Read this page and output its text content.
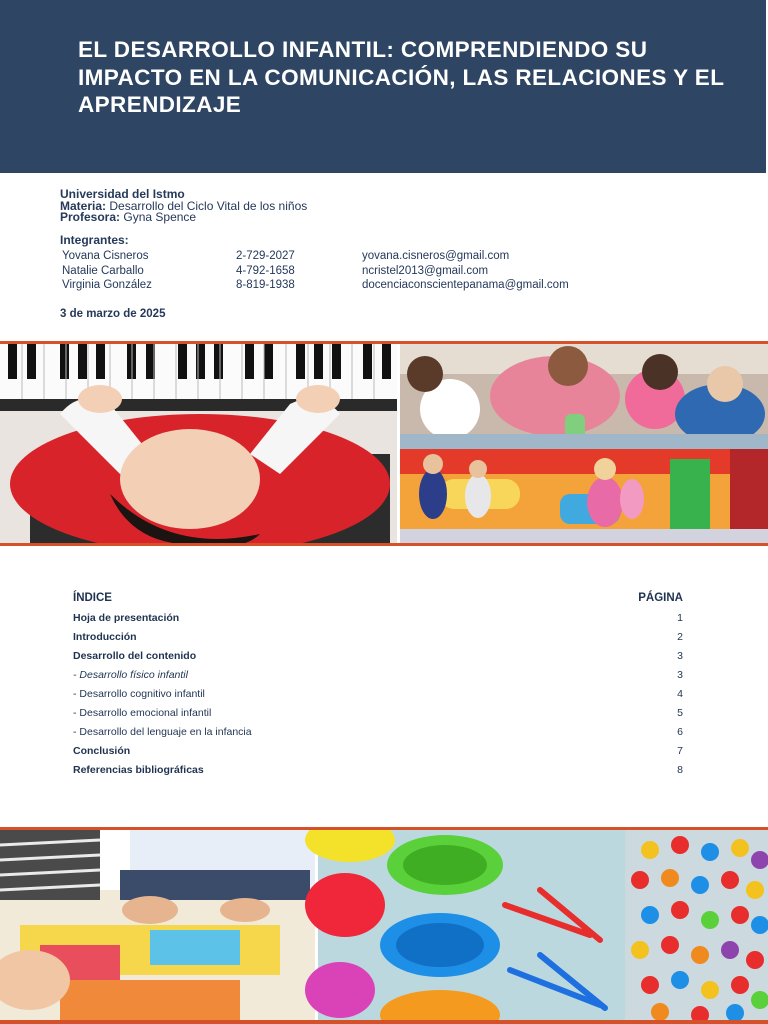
EL DESARROLLO INFANTIL: COMPRENDIENDO SU IMPACTO EN LA COMUNICACIÓN, LAS RELACIONES Y EL APRENDIZAJE
Universidad del Istmo
Materia: Desarrollo del Ciclo Vital de los niños
Profesora: Gyna Spence
Integrantes:
Yovana Cisneros	2-729-2027	yovana.cisneros@gmail.com
Natalie Carballo	4-792-1658	ncristel2013@gmail.com
Virginia González	8-819-1938	docenciaconscientepanama@gmail.com
3 de marzo de 2025
ÍNDICE	PÁGINA
Hoja de presentación	1
Introducción	2
Desarrollo del contenido	3
- Desarrollo físico infantil	3
- Desarrollo cognitivo infantil	4
- Desarrollo emocional infantil	5
- Desarrollo del lenguaje en la infancia	6
Conclusión	7
Referencias bibliográficas	8
